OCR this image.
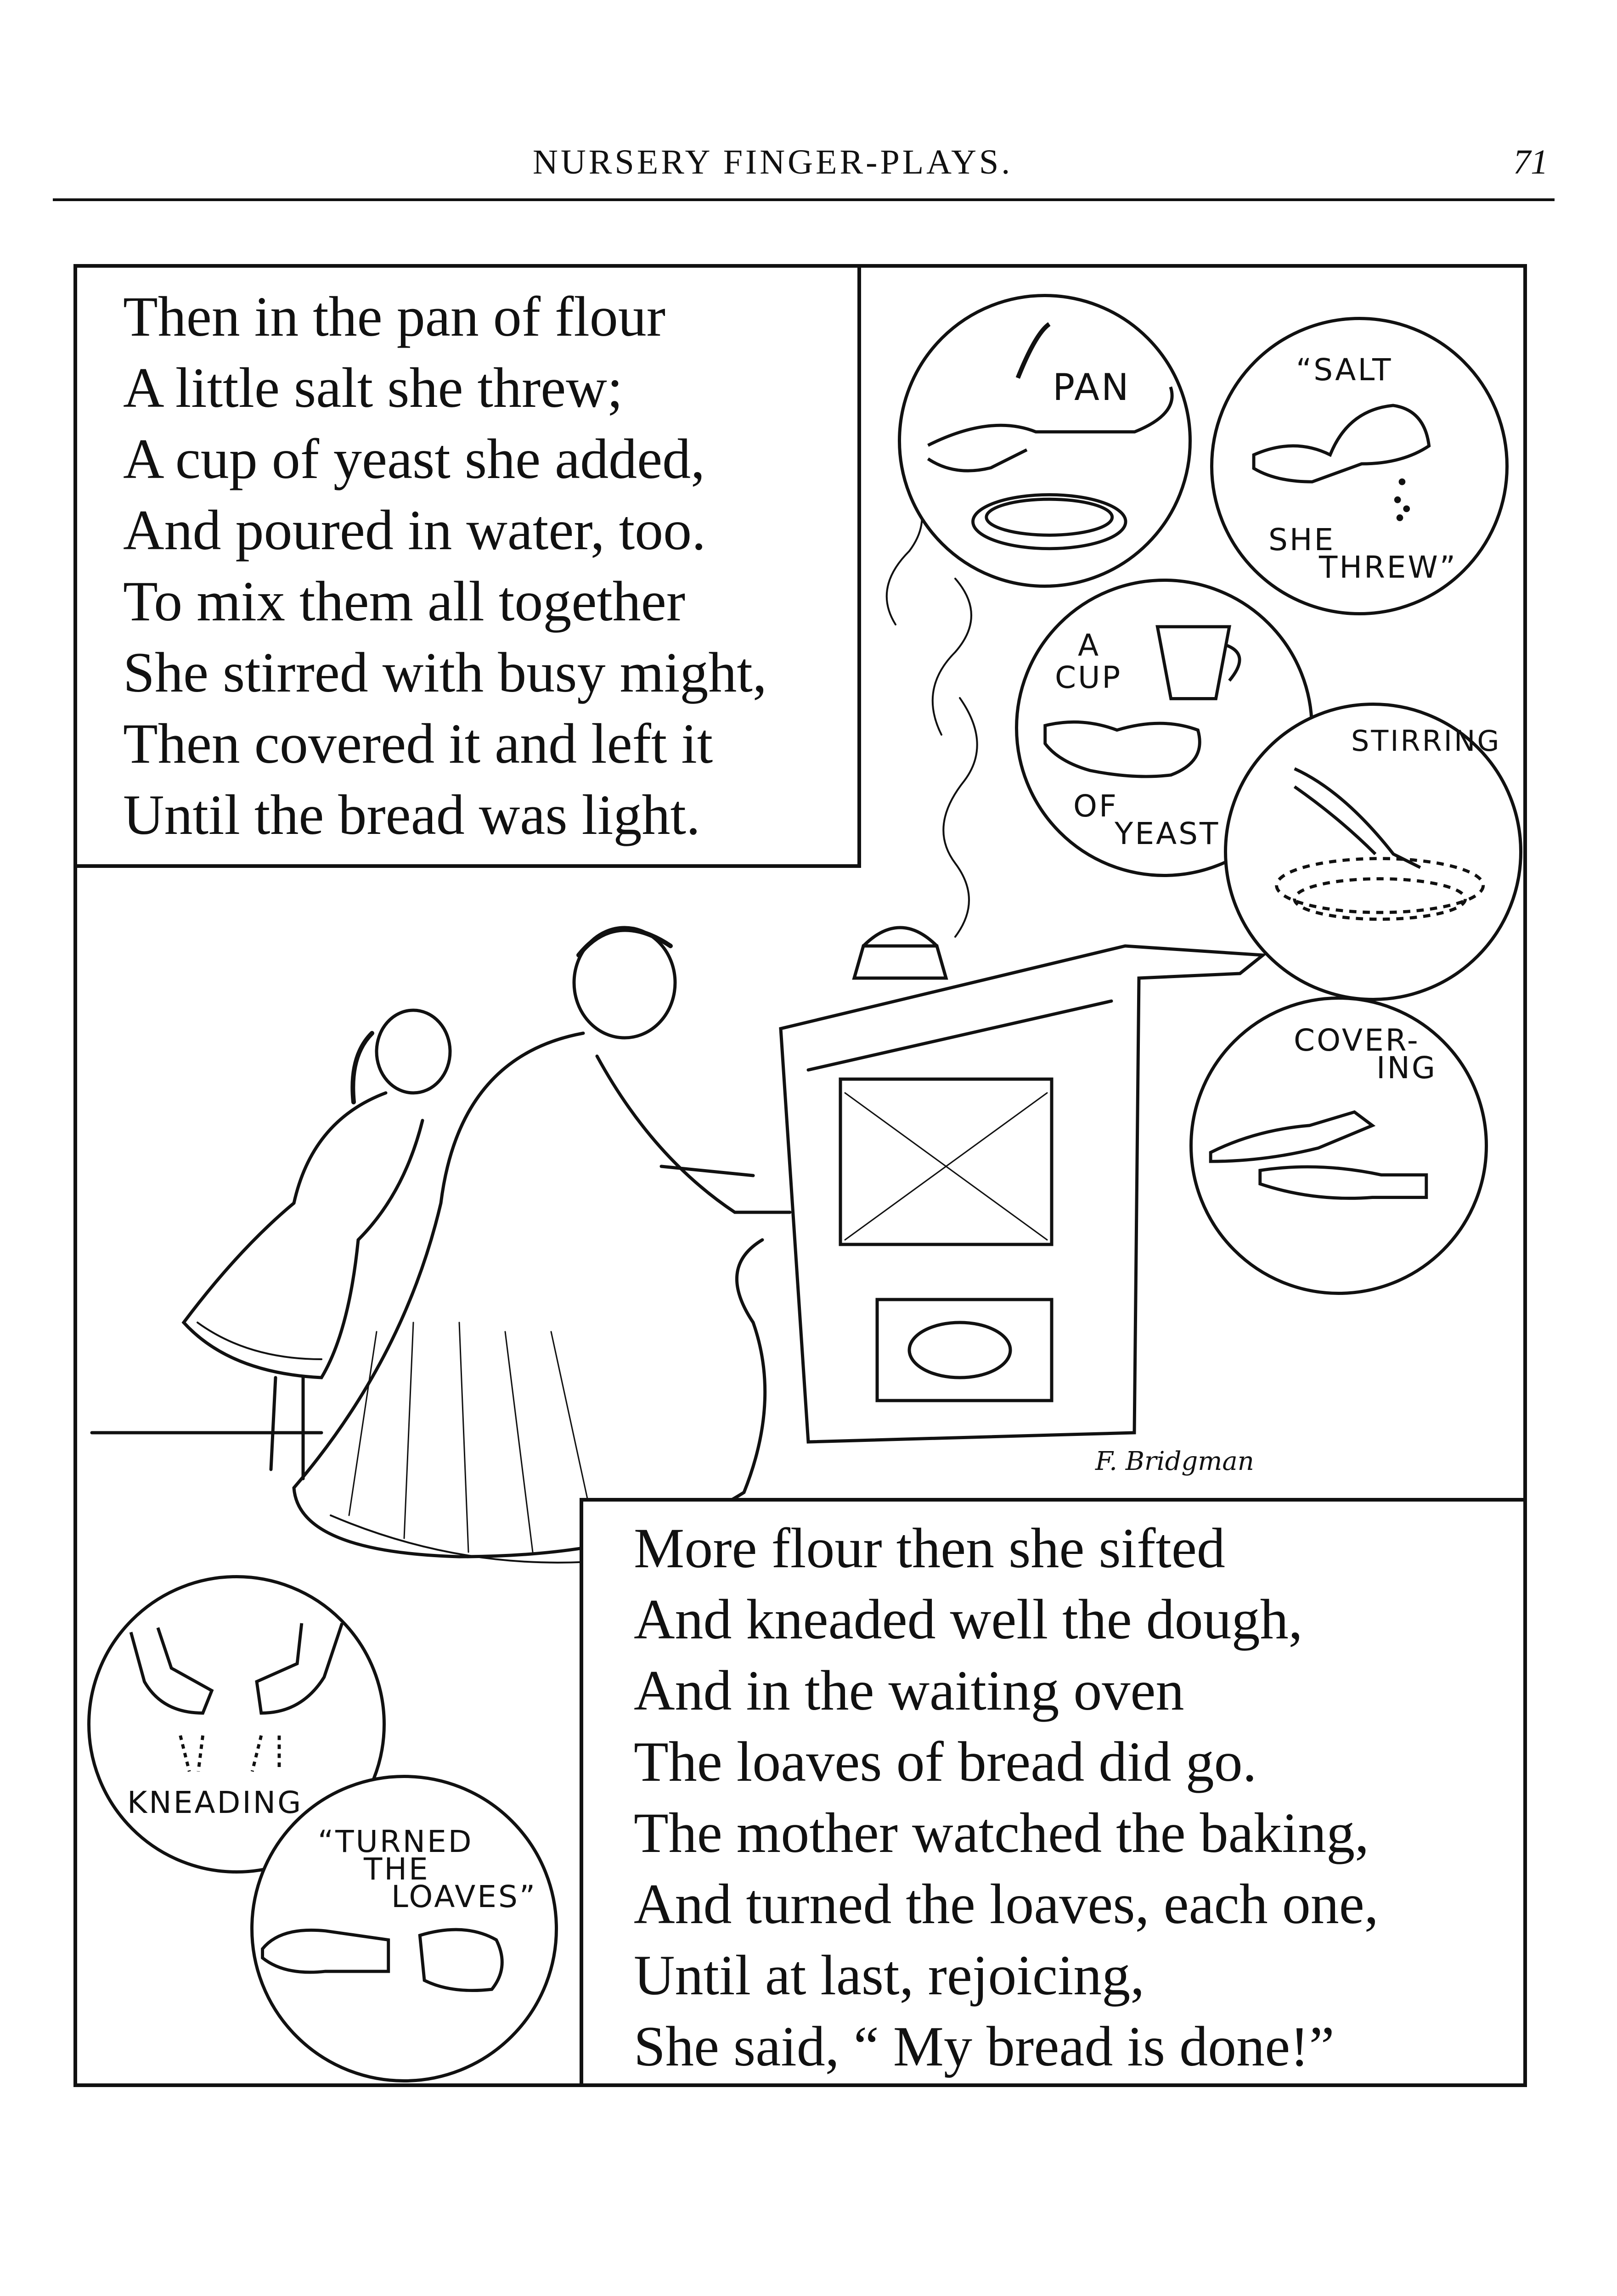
NURSERY FINGER-PLAYS.	71
Then in the pan of flour
A little salt she threw;
A cup of yeast she added,
And poured in water, too.
To mix them all together
She stirred with busy might,
Then covered it and left it
Until the bread was light.
More flour then she sifted
And kneaded well the dough,
And in the waiting oven
The loaves of bread did go.
The mother watched the baking,
And turned the loaves, each one,
Until at last, rejoicing,
She said, “ My bread is done!”
PAN	“SALT
SHE
THREW”
A
CUP
OF
YEAST
STIRRING
COVER-
ING
KNEADING
“TURNED
THE
LOAVES”
F. Bridgman
